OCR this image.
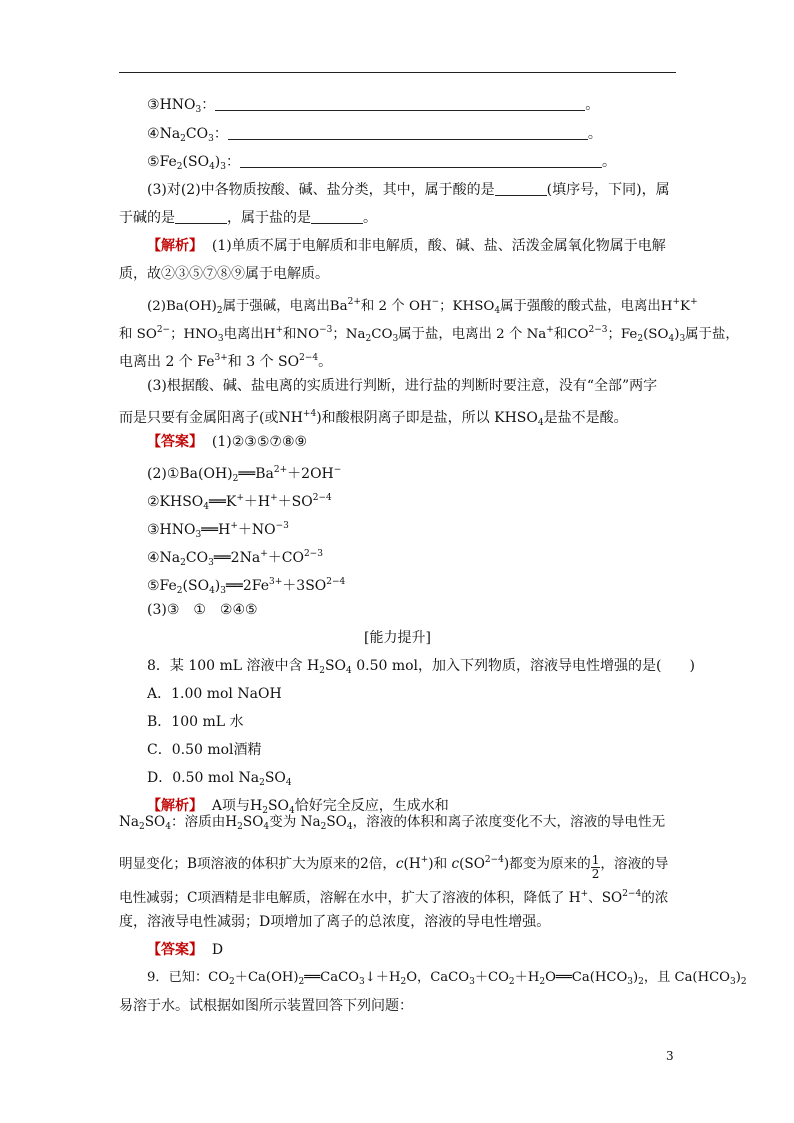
$③HNO_3$：	。
$④Na_2CO_3$：	。
$⑤Fe_2(SO_4)_3$：	。
(3)对(2)中各物质按酸、碱、盐分类，其中，属于酸的是	(填序号，下同)，属
于碱的是	，属于盐的是	。
【解析】 (1)单质不属于电解质和非电解质，酸、碱、盐、活泼金属氧化物属于电解
质，故②③⑤⑦⑧⑨属于电解质。
$(2)Ba(OH)_2$属于强碱，电离出$Ba^{2+}$和 2 个 OH−；$KHSO_4$属于强酸的酸式盐，电离出H+K+
和 $SO^{2-}$；$HNO_3$电离出H+和$NO^{-3}$；$Na_2CO_3$属于盐，电离出 2 个 Na+和$CO^{2-3}$；$Fe_2(SO_4)_3$属于盐，
电离出 2 个 $Fe^{3+}$和 3 个 $SO^{2-4}$。
(3)根据酸、碱、盐电离的实质进行判断，进行盐的判断时要注意，没有“全部”两字
而是只要有金属阳离子(或$NH^{+4}$)和酸根阴离子即是盐，所以 $KHSO_4$是盐不是酸。
【答案】 (1)②③⑤⑦⑧⑨
$(2)①Ba(OH)_2══Ba^{2+}+2OH^-$
$②KHSO_4══K^++H^++SO^{2-4}$
$③HNO_3══H^++NO^{-3}$
$④Na_2CO_3══2Na^++CO^{2-3}$
$⑤Fe_2(SO_4)_3══2Fe^{3+}+3SO^{2-4}$
(3)③　①　②④⑤
[能力提升]
8．某 100 mL 溶液中含 $H_2SO_4$ 0.50 mol，加入下列物质，溶液导电性增强的是(　　)
A．1.00 mol NaOH
B．100 mL 水
C．0.50 mol酒精
D．0.50 mol $Na_2SO_4$
【解析】 A项与$H_2SO_4$恰好完全反应，生成水和
$Na_2SO_4$：溶质由$H_2SO_4$变为 $Na_2SO_4$，溶液的体积和离子浓度变化不大，溶液的导电性无
明显变化；B项溶液的体积扩大为原来的2倍，c(H+)和 $c(SO^{2-4})$都变为原来的 $\frac{1}{2}$ ，溶液的导
电性减弱；C项酒精是非电解质，溶解在水中，扩大了溶液的体积，降低了 H+、$SO^{2-4}$的浓
度，溶液导电性减弱；D项增加了离子的总浓度，溶液的导电性增强。
【答案】 D
9．已知：$CO_2+Ca(OH)_2══CaCO_3↓+H_2O$，$CaCO_3+CO_2+H_2O══Ca(HCO_3)_2$，且 $Ca(HCO_3)_2$
易溶于水。试根据如图所示装置回答下列问题：
3
